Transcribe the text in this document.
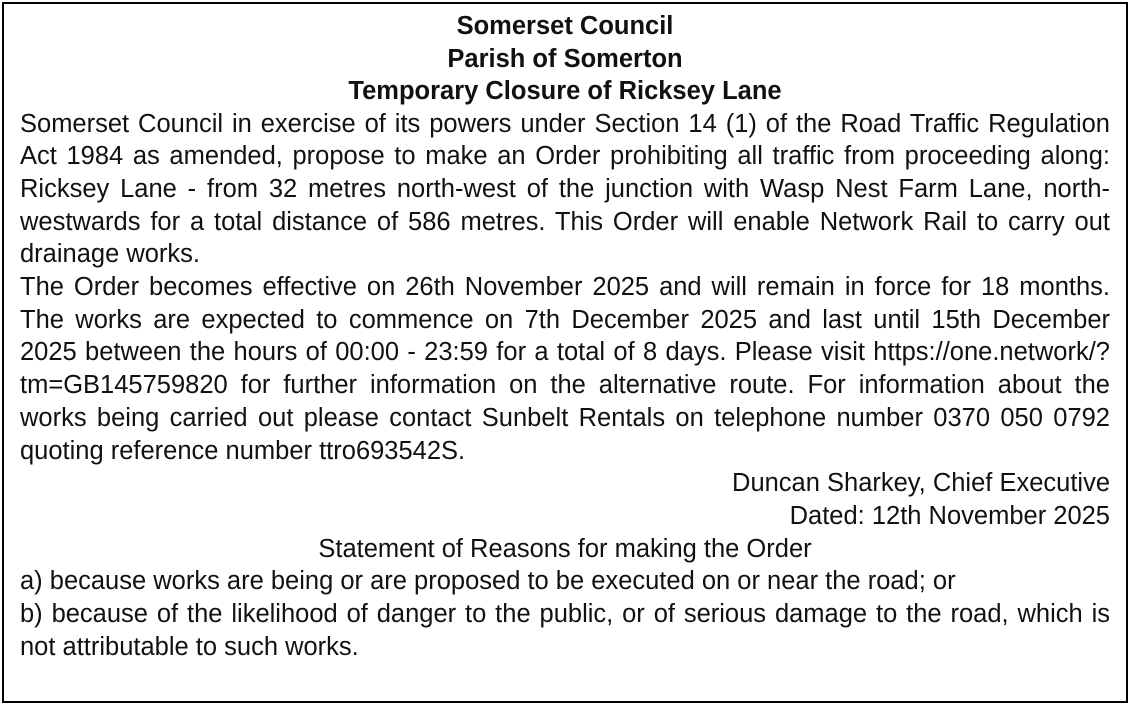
Somerset Council
Parish of Somerton
Temporary Closure of Ricksey Lane

Somerset Council in exercise of its powers under Section 14 (1) of the Road Traffic Regulation Act 1984 as amended, propose to make an Order prohibiting all traffic from proceeding along: Ricksey Lane - from 32 metres north-west of the junction with Wasp Nest Farm Lane, north- westwards for a total distance of 586 metres. This Order will enable Network Rail to carry out drainage works.

The Order becomes effective on 26th November 2025 and will remain in force for 18 months. The works are expected to commence on 7th December 2025 and last until 15th December 2025 between the hours of 00:00 - 23:59 for a total of 8 days. Please visit https://one.network/?tm=GB145759820 for further information on the alternative route. For information about the works being carried out please contact Sunbelt Rentals on telephone number 0370 050 0792 quoting reference number ttro693542S.

Duncan Sharkey, Chief Executive
Dated: 12th November 2025
Statement of Reasons for making the Order

a) because works are being or are proposed to be executed on or near the road; or

b) because of the likelihood of danger to the public, or of serious damage to the road, which is not attributable to such works.
